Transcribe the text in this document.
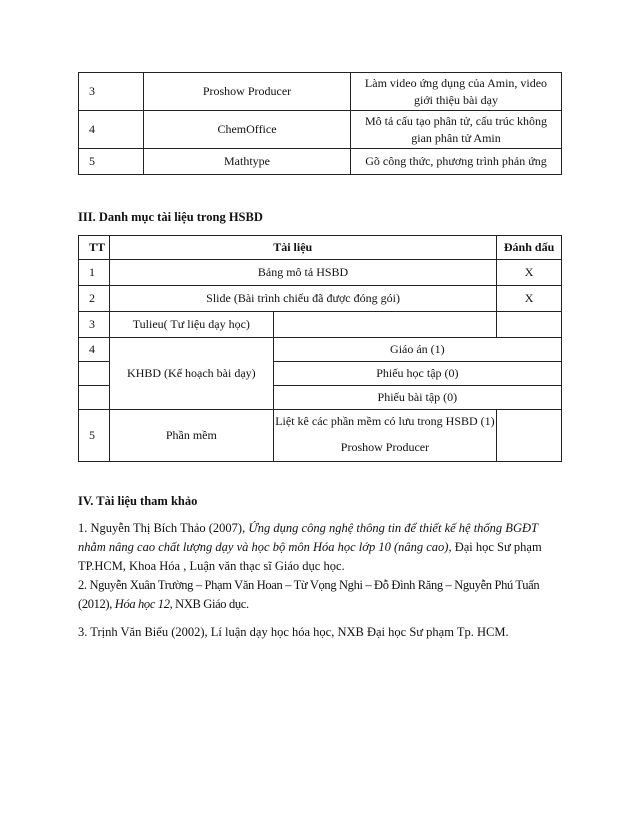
3	Proshow Producer	Làm video ứng dụng của Amin, video giới thiệu bài dạy
4	ChemOffice	Mô tả cấu tạo phân tử, cấu trúc không gian phân tử Amin
5	Mathtype	Gõ công thức, phương trình phản ứng
III. Danh mục tài liệu trong HSBD
TT		Tài liệu	Đánh dấu
1	Bảng mô tả HSBD		X
2	Slide (Bài trình chiếu đã được đóng gói)		X
3	Tulieu( Tư liệu dạy học)		
4	KHBD (Kế hoạch bài dạy)	Giáo án (1)	
		Phiếu học tập (0)	
		Phiếu bài tập (0)	
5	Phần mềm	Liệt kê các phần mềm có lưu trong HSBD (1)
Proshow Producer	

IV. Tài liệu tham khảo
1. Nguyễn Thị Bích Thảo (2007), Ứng dụng công nghệ thông tin để thiết kế hệ thống BGĐT nhằm nâng cao chất lượng dạy và học bộ môn Hóa học lớp 10 (nâng cao), Đại học Sư phạm TP.HCM, Khoa Hóa , Luận văn thạc sĩ Giáo dục học.
2. Nguyễn Xuân Trường – Phạm Văn Hoan – Từ Vọng Nghi – Đỗ Đình Răng – Nguyễn Phú Tuấn (2012), Hóa học 12, NXB Giáo dục.
3. Trịnh Văn Biểu (2002), Lí luận dạy học hóa học, NXB Đại học Sư phạm Tp. HCM.
